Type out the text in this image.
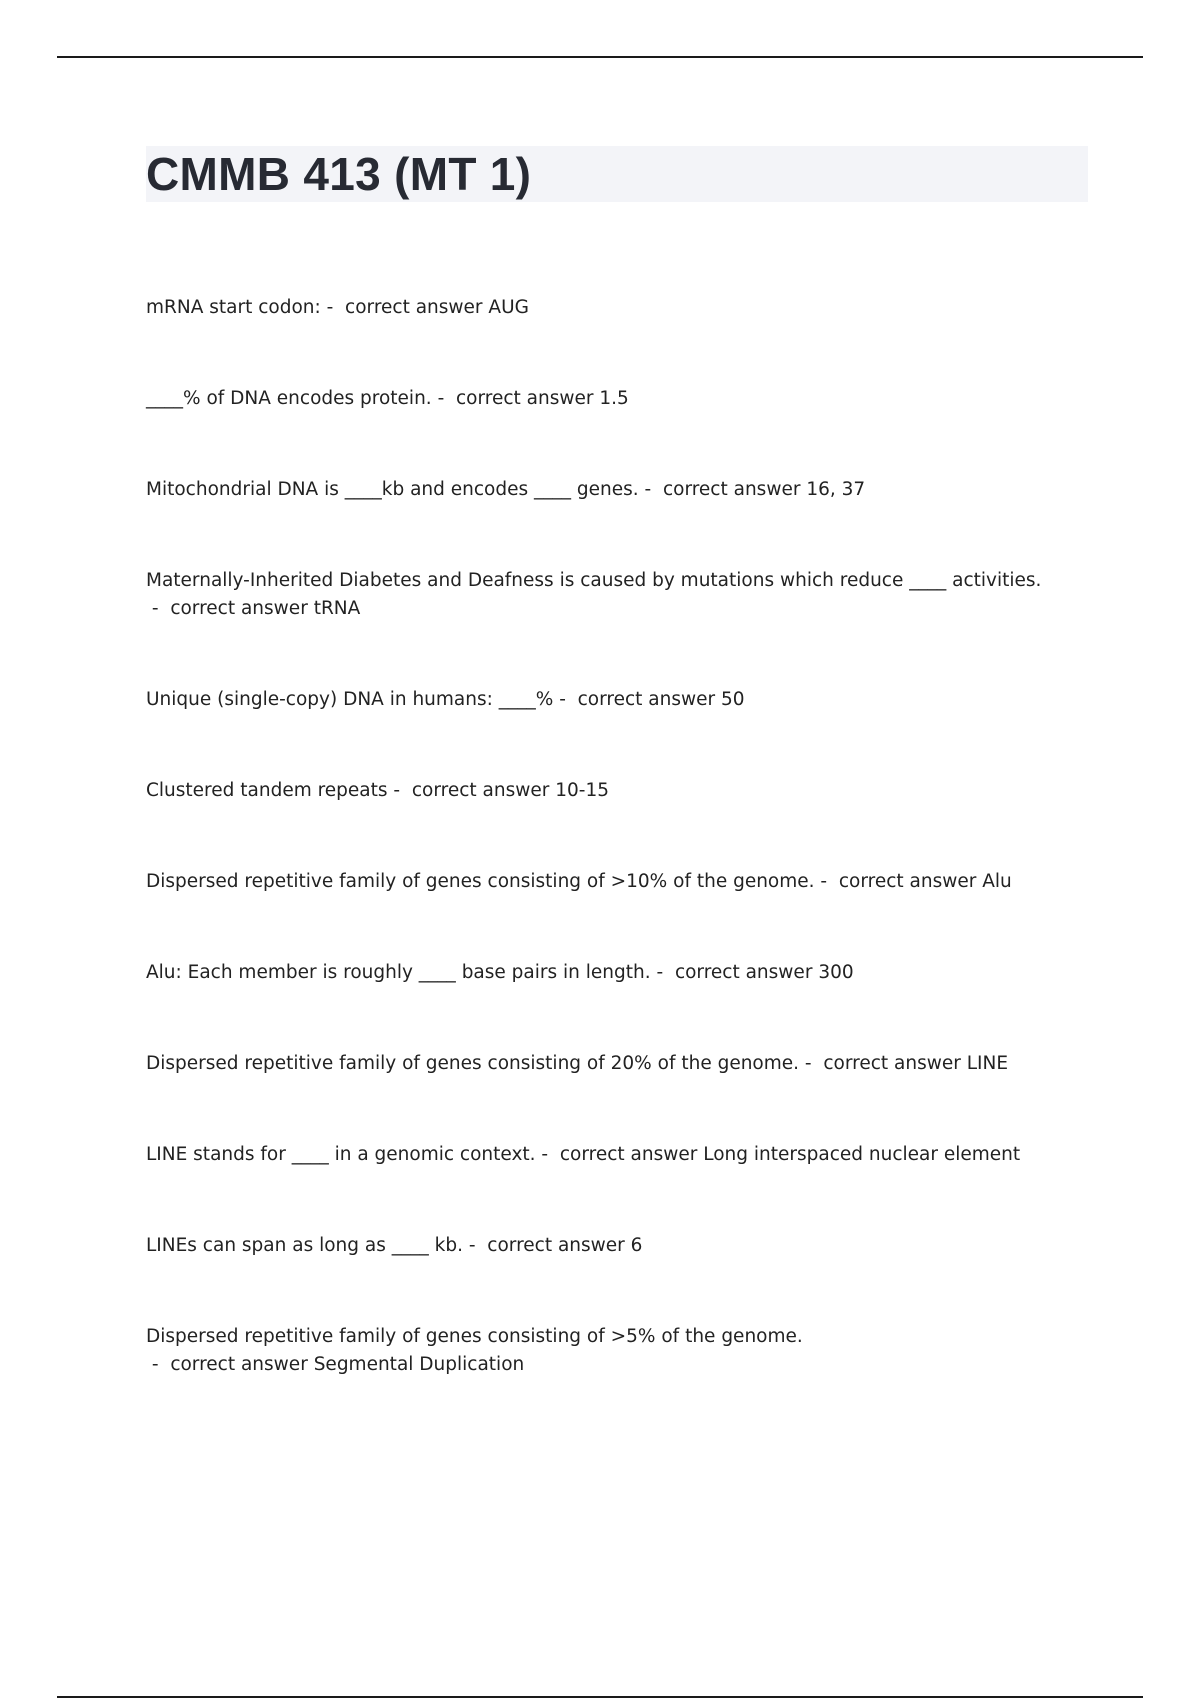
CMMB 413 (MT 1)
mRNA start codon: -  correct answer AUG
____% of DNA encodes protein. -  correct answer 1.5
Mitochondrial DNA is ____kb and encodes ____ genes. -  correct answer 16, 37
Maternally-Inherited Diabetes and Deafness is caused by mutations which reduce ____ activities. -  correct answer tRNA
Unique (single-copy) DNA in humans: ____% -  correct answer 50
Clustered tandem repeats -  correct answer 10-15
Dispersed repetitive family of genes consisting of >10% of the genome. -  correct answer Alu
Alu: Each member is roughly ____ base pairs in length. -  correct answer 300
Dispersed repetitive family of genes consisting of 20% of the genome. -  correct answer LINE
LINE stands for ____ in a genomic context. -  correct answer Long interspaced nuclear element
LINEs can span as long as ____ kb. -  correct answer 6
Dispersed repetitive family of genes consisting of >5% of the genome. -  correct answer Segmental Duplication
